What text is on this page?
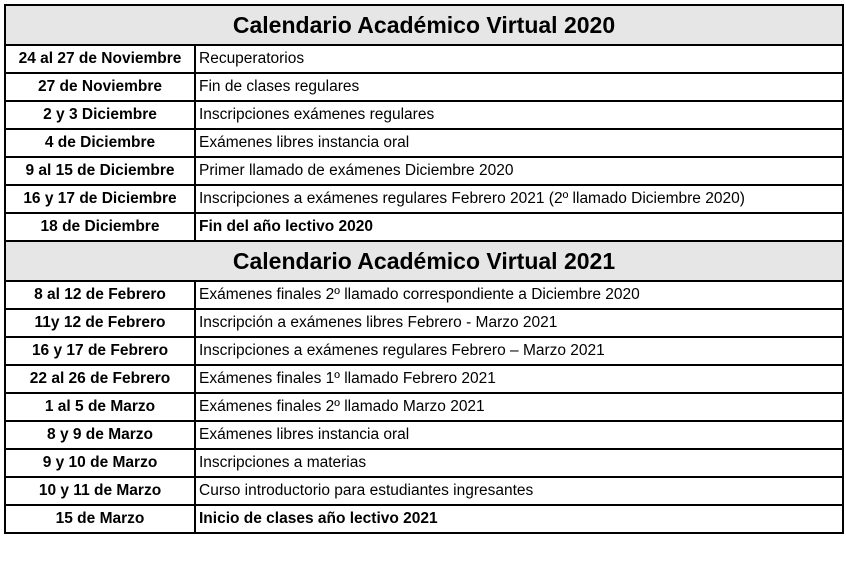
Calendario Académico Virtual 2020	
24 al 27 de Noviembre	Recuperatorios
27 de Noviembre	Fin de clases regulares
2 y 3 Diciembre	Inscripciones exámenes regulares
4 de Diciembre	Exámenes libres instancia oral
9 al 15 de Diciembre	Primer llamado de exámenes Diciembre 2020
16 y 17 de Diciembre	Inscripciones a exámenes regulares Febrero 2021 (2º llamado Diciembre 2020)
18 de Diciembre	Fin del año lectivo 2020
Calendario Académico Virtual 2021	
8 al 12 de Febrero	Exámenes finales 2º llamado correspondiente a Diciembre 2020
11y 12 de Febrero	Inscripción a exámenes libres Febrero - Marzo 2021
16 y 17 de Febrero	Inscripciones a exámenes regulares Febrero – Marzo 2021
22 al 26 de Febrero	Exámenes finales 1º llamado Febrero 2021
1 al 5 de Marzo	Exámenes finales 2º llamado Marzo 2021
8 y 9 de Marzo	Exámenes libres instancia oral
9 y 10 de Marzo	Inscripciones a materias
10 y 11 de Marzo	Curso introductorio para estudiantes ingresantes
15 de Marzo	Inicio de clases año lectivo 2021
